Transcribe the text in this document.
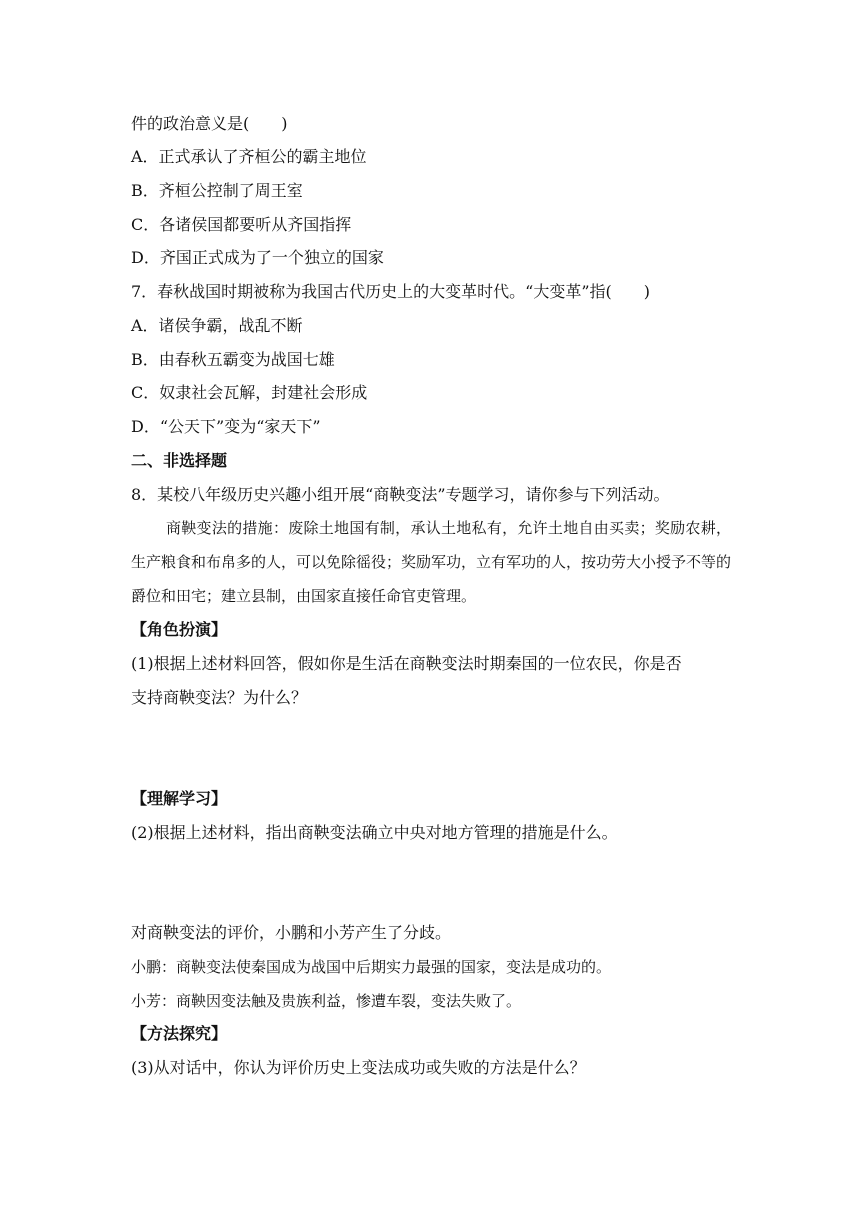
件的政治意义是(　　)
A．正式承认了齐桓公的霸主地位
B．齐桓公控制了周王室
C．各诸侯国都要听从齐国指挥
D．齐国正式成为了一个独立的国家
7．春秋战国时期被称为我国古代历史上的大变革时代。“大变革”指(　　)
A．诸侯争霸，战乱不断
B．由春秋五霸变为战国七雄
C．奴隶社会瓦解，封建社会形成
D．“公天下”变为“家天下”
二、非选择题
8．某校八年级历史兴趣小组开展“商鞅变法”专题学习，请你参与下列活动。
商鞅变法的措施：废除土地国有制，承认土地私有，允许土地自由买卖；奖励农耕，生产粮食和布帛多的人，可以免除徭役；奖励军功，立有军功的人，按功劳大小授予不等的爵位和田宅；建立县制，由国家直接任命官吏管理。
【角色扮演】
(1)根据上述材料回答，假如你是生活在商鞅变法时期秦国的一位农民，你是否
支持商鞅变法？为什么？
【理解学习】
(2)根据上述材料，指出商鞅变法确立中央对地方管理的措施是什么。
对商鞅变法的评价，小鹏和小芳产生了分歧。
小鹏：商鞅变法使秦国成为战国中后期实力最强的国家，变法是成功的。
小芳：商鞅因变法触及贵族利益，惨遭车裂，变法失败了。
【方法探究】
(3)从对话中，你认为评价历史上变法成功或失败的方法是什么？
